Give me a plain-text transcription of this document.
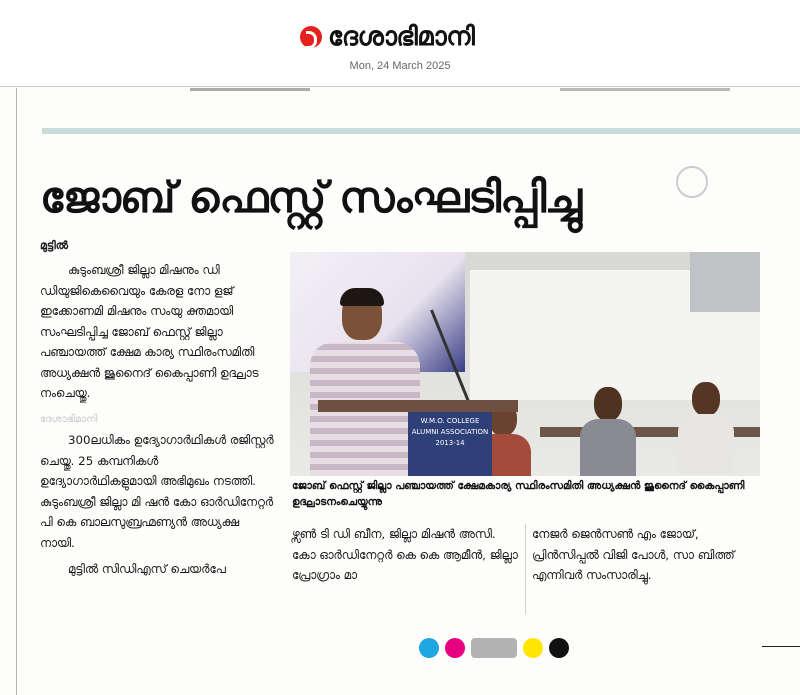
ദേശാഭിമാനി
Mon, 24 March 2025
ജോബ് ഫെസ്റ്റ് സംഘടിപ്പിച്ചു
മുട്ടിൽ

കുടുംബശ്രീ ജില്ലാ മിഷനും ഡി ഡിയുജികെവൈയും കേരള നോ ളജ് ഇക്കോണമി മിഷനും സംയു ക്തമായി സംഘടിപ്പിച്ച ജോബ് ഫെസ്റ്റ് ജില്ലാ പഞ്ചായത്ത് ക്ഷേമ കാര്യ സ്ഥിരംസമിതി അധ്യക്ഷൻ ജുനൈദ് കൈപ്പാണി ഉദ്ഘാട നംചെയ്തു.

ദേശാഭിമാനി

300ലധികം ഉദ്യോഗാർഥികൾ രജിസ്റ്റർ ചെയ്തു. 25 കമ്പനികൾ ഉദ്യോഗാർഥികളുമായി അഭിമുഖം നടത്തി. കുടുംബശ്രീ ജില്ലാ മി ഷൻ കോ ഓർഡിനേറ്റർ പി കെ ബാലസുബ്രഹ്മണ്യൻ അധ്യക്ഷ നായി.

മുട്ടിൽ സിഡിഎസ് ചെയർപേ

W.M.O. COLLEGE
ALUMNI ASSOCIATION
2013-14
ജോബ് ഫെസ്റ്റ് ജില്ലാ പഞ്ചായത്ത് ക്ഷേമകാര്യ സ്ഥിരംസമിതി അധ്യക്ഷൻ ജുനൈദ് കൈപ്പാണി ഉദ്ഘാടനംചെയ്യുന്നു

ഴ്സൺ ടി ഡി ബീന, ജില്ലാ മിഷൻ അസി. കോ ഓർഡിനേറ്റർ കെ കെ ആമീൻ, ജില്ലാ പ്രോഗ്രാം മാ

നേജർ ജെൻസൺ എം ജോയ്, പ്രിൻസിപ്പൽ വിജി പോൾ, സാ ബിത്ത് എന്നിവർ സംസാരിച്ചു.
